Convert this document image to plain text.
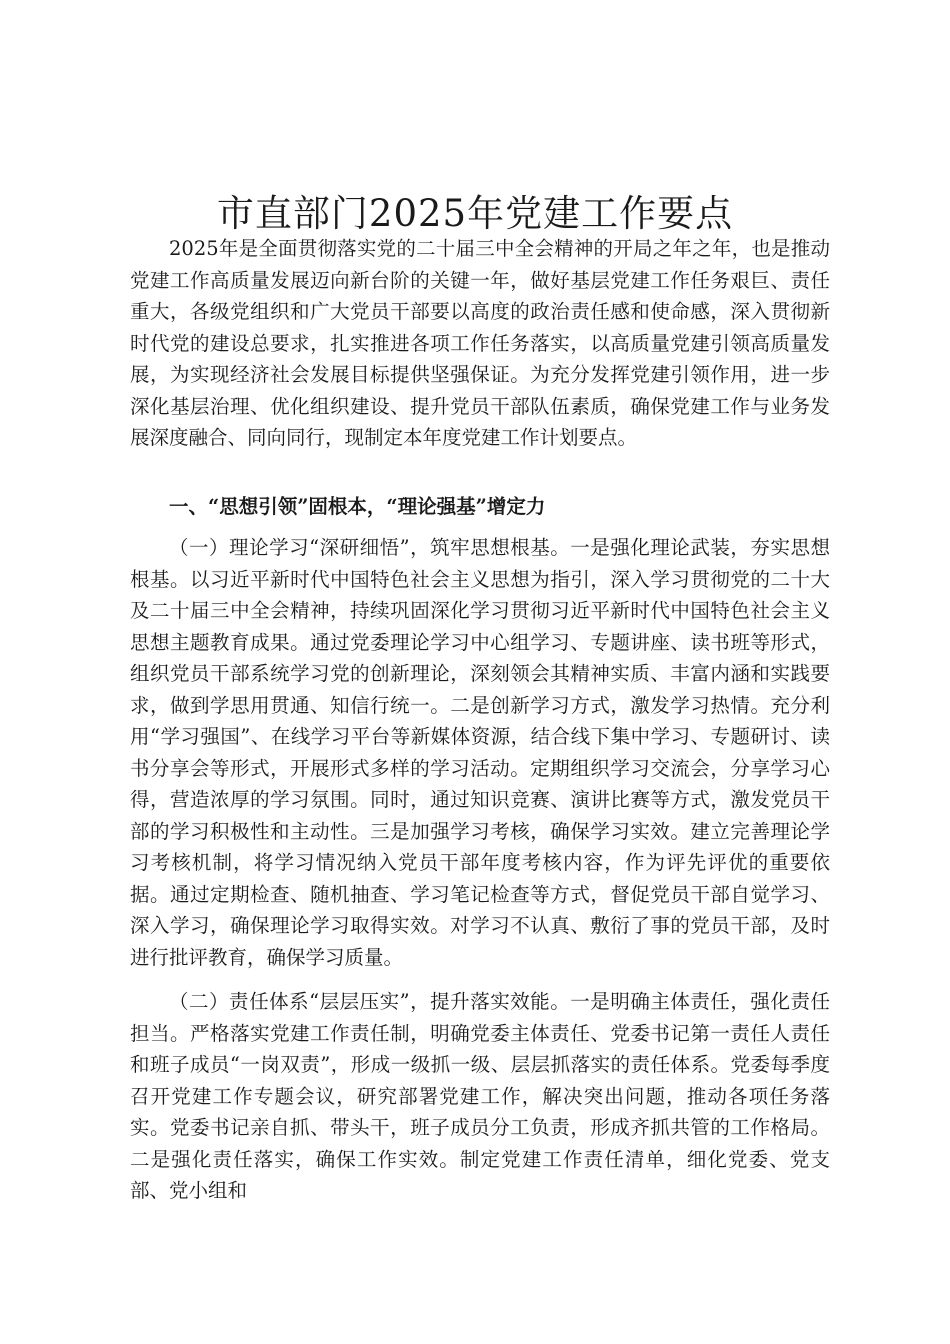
市直部门2025年党建工作要点

2025年是全面贯彻落实党的二十届三中全会精神的开局之年之年，也是推动党建工作高质量发展迈向新台阶的关键一年，做好基层党建工作任务艰巨、责任重大，各级党组织和广大党员干部要以高度的政治责任感和使命感，深入贯彻新时代党的建设总要求，扎实推进各项工作任务落实，以高质量党建引领高质量发展，为实现经济社会发展目标提供坚强保证。为充分发挥党建引领作用，进一步深化基层治理、优化组织建设、提升党员干部队伍素质，确保党建工作与业务发展深度融合、同向同行，现制定本年度党建工作计划要点。

一、“思想引领”固根本，“理论强基”增定力

（一）理论学习“深研细悟”，筑牢思想根基。一是强化理论武装，夯实思想根基。以习近平新时代中国特色社会主义思想为指引，深入学习贯彻党的二十大及二十届三中全会精神，持续巩固深化学习贯彻习近平新时代中国特色社会主义思想主题教育成果。通过党委理论学习中心组学习、专题讲座、读书班等形式，组织党员干部系统学习党的创新理论，深刻领会其精神实质、丰富内涵和实践要求，做到学思用贯通、知信行统一。二是创新学习方式，激发学习热情。充分利用“学习强国”、在线学习平台等新媒体资源，结合线下集中学习、专题研讨、读书分享会等形式，开展形式多样的学习活动。定期组织学习交流会，分享学习心得，营造浓厚的学习氛围。同时，通过知识竞赛、演讲比赛等方式，激发党员干部的学习积极性和主动性。三是加强学习考核，确保学习实效。建立完善理论学习考核机制，将学习情况纳入党员干部年度考核内容，作为评先评优的重要依据。通过定期检查、随机抽查、学习笔记检查等方式，督促党员干部自觉学习、深入学习，确保理论学习取得实效。对学习不认真、敷衍了事的党员干部，及时进行批评教育，确保学习质量。

（二）责任体系“层层压实”，提升落实效能。一是明确主体责任，强化责任担当。严格落实党建工作责任制，明确党委主体责任、党委书记第一责任人责任和班子成员“一岗双责”，形成一级抓一级、层层抓落实的责任体系。党委每季度召开党建工作专题会议，研究部署党建工作，解决突出问题，推动各项任务落实。党委书记亲自抓、带头干，班子成员分工负责，形成齐抓共管的工作格局。二是强化责任落实，确保工作实效。制定党建工作责任清单，细化党委、党支部、党小组和
